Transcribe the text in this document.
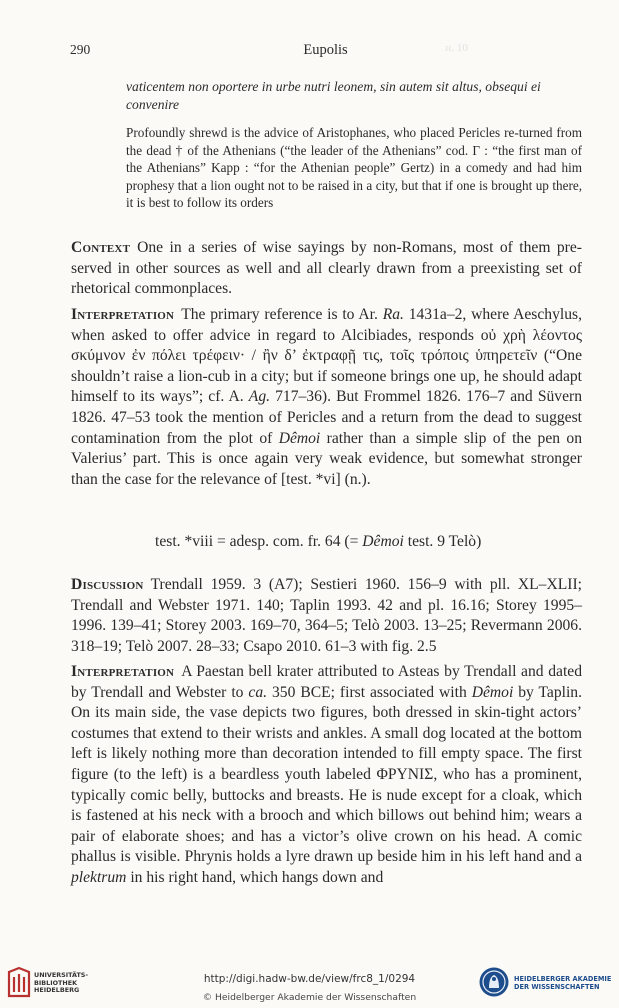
290	Eupolis	ᴊɪ. 10
vaticentem non oportere in urbe nutri leonem, sin autem sit altus, obsequi ei convenire
Profoundly shrewd is the advice of Aristophanes, who placed Pericles re-turned from the dead † of the Athenians (“the leader of the Athenians” cod. Γ : “the first man of the Athenians” Kapp : “for the Athenian people” Gertz) in a comedy and had him prophesy that a lion ought not to be raised in a city, but that if one is brought up there, it is best to follow its orders
Context One in a series of wise sayings by non-Romans, most of them pre-served in other sources as well and all clearly drawn from a preexisting set of rhetorical commonplaces.
Interpretation The primary reference is to Ar. Ra. 1431a–2, where Aeschylus, when asked to offer advice in regard to Alcibiades, responds οὐ χρὴ λέοντος σκύμνον ἐν πόλει τρέφειν· / ἢν δ’ ἐκτραφῇ τις, τοῖς τρόποις ὑπηρετεῖν (“One shouldn’t raise a lion-cub in a city; but if someone brings one up, he should adapt himself to its ways”; cf. A. Ag. 717–36). But Frommel 1826. 176–7 and Süvern 1826. 47–53 took the mention of Pericles and a return from the dead to suggest contamination from the plot of Dêmoi rather than a simple slip of the pen on Valerius’ part. This is once again very weak evidence, but somewhat stronger than the case for the relevance of [test. *vi] (n.).
test. *viii = adesp. com. fr. 64 (= Dêmoi test. 9 Telò)
Discussion Trendall 1959. 3 (A7); Sestieri 1960. 156–9 with pll. XL–XLII; Trendall and Webster 1971. 140; Taplin 1993. 42 and pl. 16.16; Storey 1995–1996. 139–41; Storey 2003. 169–70, 364–5; Telò 2003. 13–25; Revermann 2006. 318–19; Telò 2007. 28–33; Csapo 2010. 61–3 with fig. 2.5
Interpretation A Paestan bell krater attributed to Asteas by Trendall and dated by Trendall and Webster to ca. 350 BCE; first associated with Dêmoi by Taplin. On its main side, the vase depicts two figures, both dressed in skin-tight actors’ costumes that extend to their wrists and ankles. A small dog located at the bottom left is likely nothing more than decoration intended to fill empty space. The first figure (to the left) is a beardless youth labeled ΦΡΥΝΙΣ, who has a prominent, typically comic belly, buttocks and breasts. He is nude except for a cloak, which is fastened at his neck with a brooch and which billows out behind him; wears a pair of elaborate shoes; and has a victor’s olive crown on his head. A comic phallus is visible. Phrynis holds a lyre drawn up beside him in his left hand and a plektrum in his right hand, which hangs down and
UNIVERSITÄTS-
BIBLIOTHEK
HEIDELBERG
http://digi.hadw-bw.de/view/frc8_1/0294
© Heidelberger Akademie der Wissenschaften
HEIDELBERGER AKADEMIE
DER WISSENSCHAFTEN
